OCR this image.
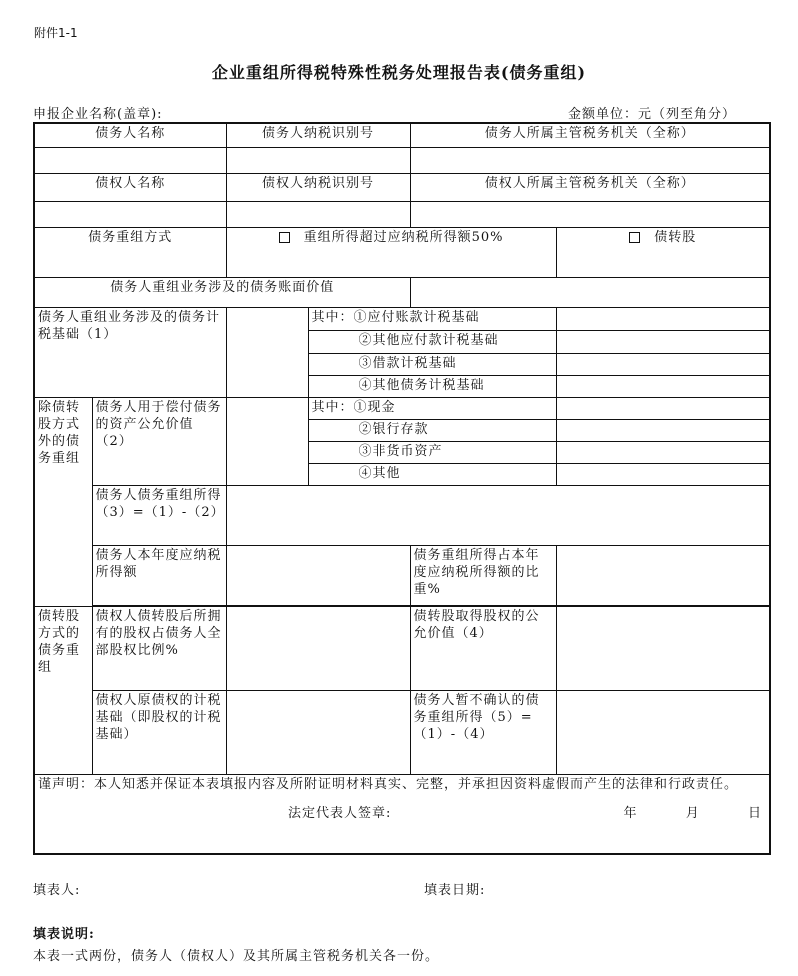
附件1-1
企业重组所得税特殊性税务处理报告表(债务重组)
申报企业名称(盖章):	金额单位：元（列至角分）
债务人名称		债务人纳税识别号		债务人所属主管税务机关（全称）	

债权人名称		债权人纳税识别号		债权人所属主管税务机关（全称）	

债务重组方式		重组所得超过应纳税所得额50%			债转股
债务人重组业务涉及的债务账面价值					
债务人重组业务涉及的债务计税基础（1）			其中：①应付账款计税基础		
			②其他应付款计税基础		
			③借款计税基础		
			④其他债务计税基础		
除债转股方式外的债务重组	债务人用于偿付债务的资产公允价值（2）		其中：①现金		
			②银行存款		
			③非货币资产		
			④其他		
	债务人债务重组所得（3）=（1）-（2）				
	债务人本年度应纳税所得额			债务重组所得占本年度应纳税所得额的比重%	

债转股方式的债务重组	债权人债转股后所拥有的股权占债务人全部股权比例%			债转股取得股权的公允价值（4）	
	债权人原债权的计税基础（即股权的计税基础）			债务人暂不确认的债务重组所得（5）=（1）-（4）	

谨声明：本人知悉并保证本表填报内容及所附证明材料真实、完整，并承担因资料虚假而产生的法律和行政责任。
法定代表人签章: 年 月 日					
填表人:	填表日期:
填表说明:
本表一式两份，债务人（债权人）及其所属主管税务机关各一份。
